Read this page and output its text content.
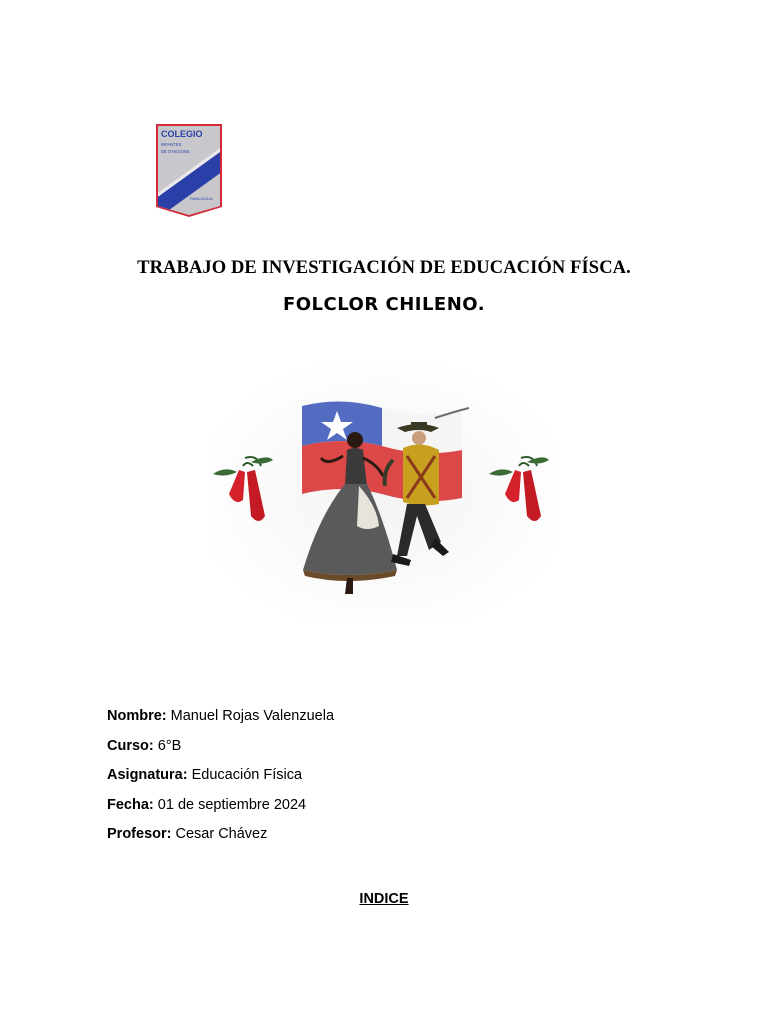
COLEGIO
INFANTES
DE O'HIGGINS
RANCAGUA
TRABAJO DE INVESTIGACIÓN DE EDUCACIÓN FÍSCA.
FOLCLOR CHILENO.
Nombre: Manuel Rojas Valenzuela
Curso: 6°B
Asignatura: Educación Física
Fecha: 01 de septiembre 2024
Profesor: Cesar Chávez
INDICE
